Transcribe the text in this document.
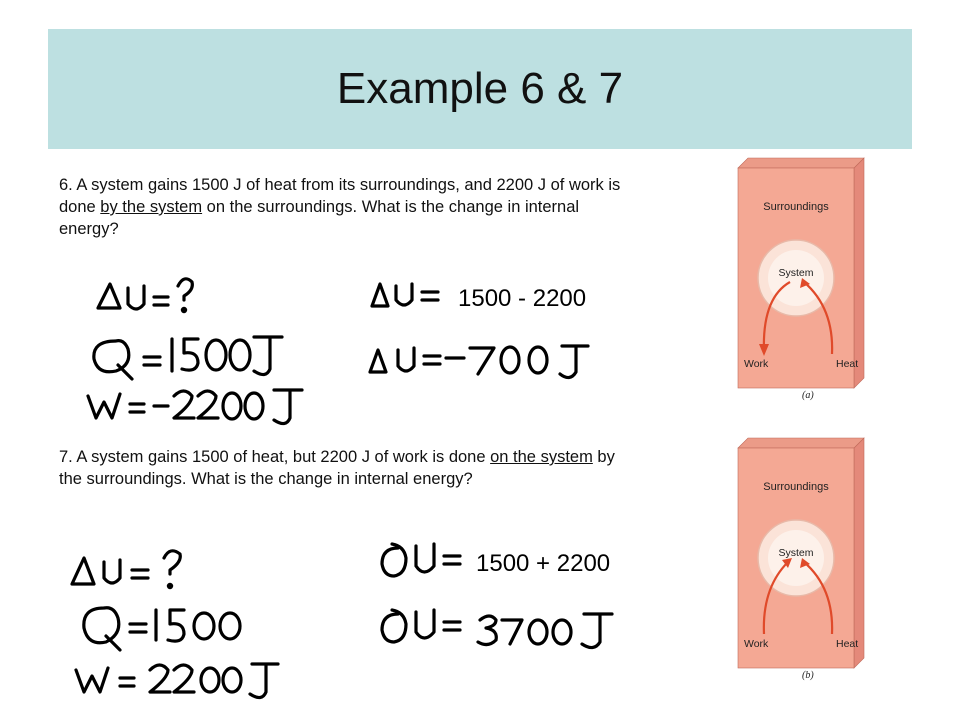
Example 6 & 7
6. A system gains 1500 J of heat from its surroundings, and 2200 J of work is done by the system on the surroundings. What is the change in internal energy?
1500 - 2200
7. A system gains 1500 of heat, but 2200 J of work is done on the system by the surroundings. What is the change in internal energy?
1500 + 2200
Surroundings
System
Work	Heat
(a)
Surroundings
System
Work	Heat
(b)
